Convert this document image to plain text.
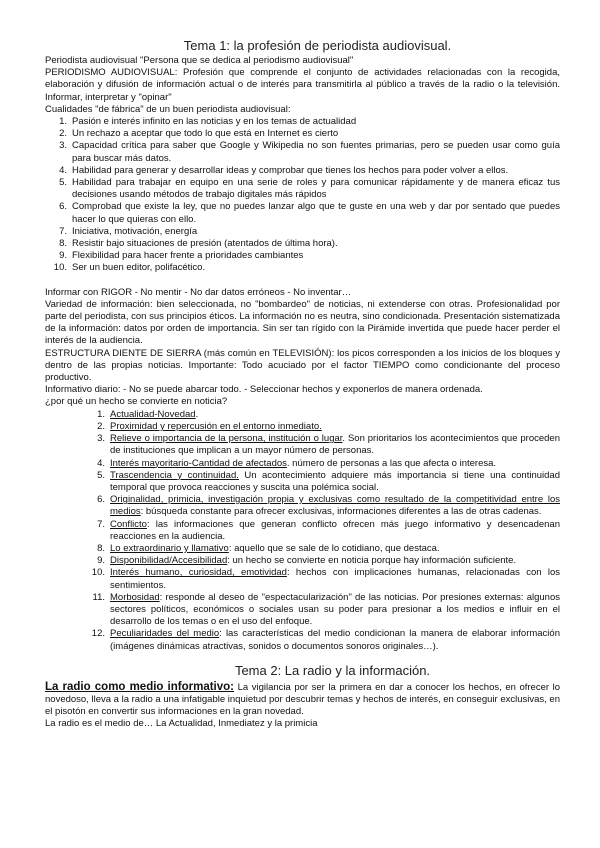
Tema 1: la profesión de periodista audiovisual.

Periodista audiovisual "Persona que se dedica al periodismo audiovisual"

PERIODISMO AUDIOVISUAL: Profesión que comprende el conjunto de actividades relacionadas con la recogida, elaboración y difusión de información actual o de interés para transmitirla al público a través de la radio o la televisión. Informar, interpretar y "opinar"

Cualidades "de fábrica" de un buen periodista audiovisual:

1. Pasión e interés infinito en las noticias y en los temas de actualidad
2. Un rechazo a aceptar que todo lo que está en Internet es cierto
3. Capacidad crítica para saber que Google y Wikipedia no son fuentes primarias, pero se pueden usar como guía para buscar más datos.
4. Habilidad para generar y desarrollar ideas y comprobar que tienes los hechos para poder volver a ellos.
5. Habilidad para trabajar en equipo en una serie de roles y para comunicar rápidamente y de manera eficaz tus decisiones usando métodos de trabajo digitales más rápidos
6. Comprobad que existe la ley, que no puedes lanzar algo que te guste en una web y dar por sentado que puedes hacer lo que quieras con ello.
7. Iniciativa, motivación, energía
8. Resistir bajo situaciones de presión (atentados de última hora).
9. Flexibilidad para hacer frente a prioridades cambiantes
10. Ser un buen editor, polifacético.

Informar con RIGOR - No mentir - No dar datos erróneos - No inventar…

Variedad de información: bien seleccionada, no "bombardeo" de noticias, ni extenderse con otras. Profesionalidad por parte del periodista, con sus principios éticos. La información no es neutra, sino condicionada. Presentación sistematizada de la información: datos por orden de importancia. Sin ser tan rígido con la Pirámide invertida que puede hacer perder el interés de la audiencia.

ESTRUCTURA DIENTE DE SIERRA (más común en TELEVISIÓN): los picos corresponden a los inicios de los bloques y dentro de las propias noticias. Importante: Todo acuciado por el factor TIEMPO como condicionante del proceso productivo.

Informativo diario: - No se puede abarcar todo. - Seleccionar hechos y exponerlos de manera ordenada.

¿por qué un hecho se convierte en noticia?

1. Actualidad-Novedad.
2. Proximidad y repercusión en el entorno inmediato.
3. Relieve o importancia de la persona, institución o lugar. Son prioritarios los acontecimientos que proceden de instituciones que implican a un mayor número de personas.
4. Interés mayoritario-Cantidad de afectados. número de personas a las que afecta o interesa.
5. Trascendencia y continuidad. Un acontecimiento adquiere más importancia si tiene una continuidad temporal que provoca reacciones y suscita una polémica social.
6. Originalidad, primicia, investigación propia y exclusivas como resultado de la competitividad entre los medios: búsqueda constante para ofrecer exclusivas, informaciones diferentes a las de otras cadenas.
7. Conflicto: las informaciones que generan conflicto ofrecen más juego informativo y desencadenan reacciones en la audiencia.
8. Lo extraordinario y llamativo: aquello que se sale de lo cotidiano, que destaca.
9. Disponibilidad/Accesibilidad: un hecho se convierte en noticia porque hay información suficiente.
10. Interés humano, curiosidad, emotividad: hechos con implicaciones humanas, relacionadas con los sentimientos.
11. Morbosidad: responde al deseo de "espectacularización" de las noticias. Por presiones externas: algunos sectores políticos, económicos o sociales usan su poder para presionar a los medios e influir en el desarrollo de los temas o en el uso del enfoque.
12. Peculiaridades del medio: las características del medio condicionan la manera de elaborar información (imágenes dinámicas atractivas, sonidos o documentos sonoros originales…).
Tema 2: La radio y la información.

La radio como medio informativo: La vigilancia por ser la primera en dar a conocer los hechos, en ofrecer lo novedoso, lleva a la radio a una infatigable inquietud por descubrir temas y hechos de interés, en conseguir exclusivas, en el pisotón en convertir sus informaciones en la gran novedad.

La radio es el medio de… La Actualidad, Inmediatez y la primicia
